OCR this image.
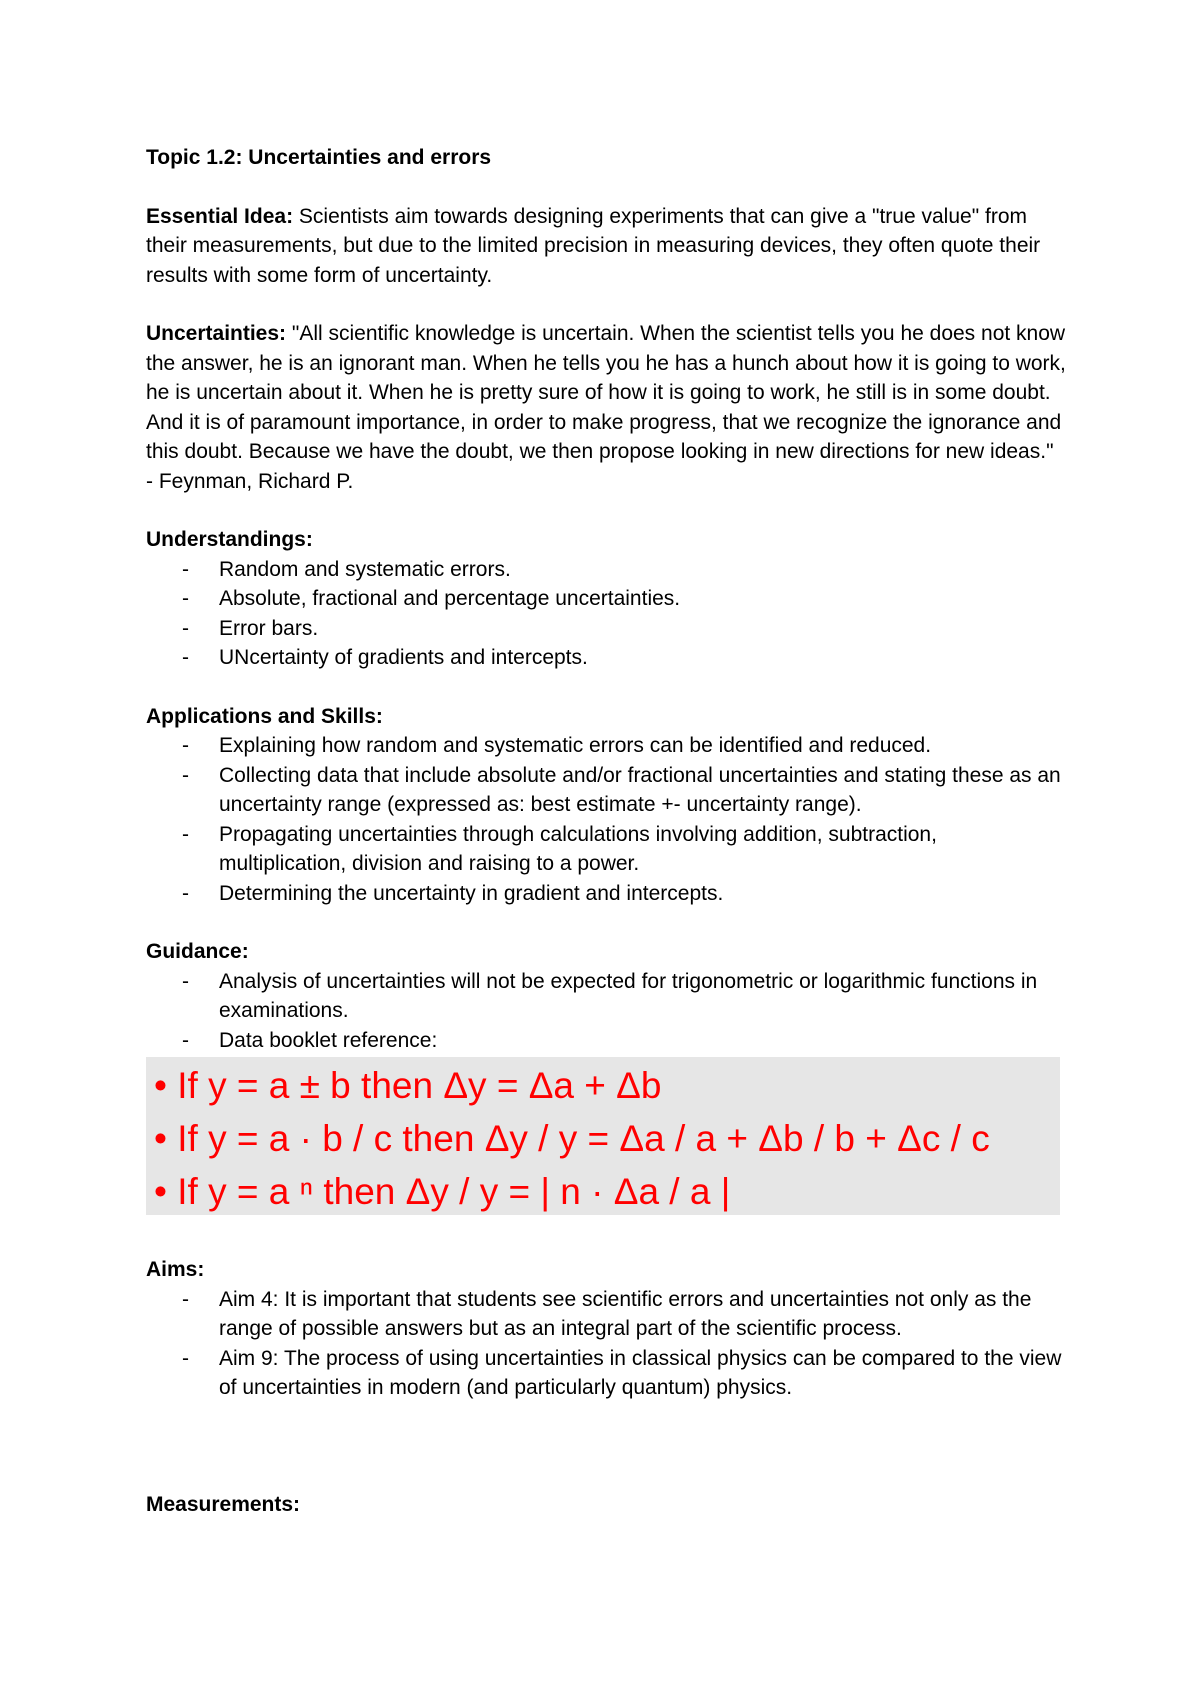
Topic 1.2: Uncertainties and errors
Essential Idea: Scientists aim towards designing experiments that can give a "true value" from their measurements, but due to the limited precision in measuring devices, they often quote their results with some form of uncertainty.
Uncertainties: "All scientific knowledge is uncertain. When the scientist tells you he does not know the answer, he is an ignorant man. When he tells you he has a hunch about how it is going to work, he is uncertain about it. When he is pretty sure of how it is going to work, he still is in some doubt. And it is of paramount importance, in order to make progress, that we recognize the ignorance and this doubt. Because we have the doubt, we then propose looking in new directions for new ideas." - Feynman, Richard P.
Understandings:
- Random and systematic errors.
- Absolute, fractional and percentage uncertainties.
- Error bars.
- UNcertainty of gradients and intercepts.
Applications and Skills:
- Explaining how random and systematic errors can be identified and reduced.
- Collecting data that include absolute and/or fractional uncertainties and stating these as an uncertainty range (expressed as: best estimate +- uncertainty range).
- Propagating uncertainties through calculations involving addition, subtraction, multiplication, division and raising to a power.
- Determining the uncertainty in gradient and intercepts.
Guidance:
- Analysis of uncertainties will not be expected for trigonometric or logarithmic functions in examinations.
- Data booklet reference:
• If y = a ± b then Δy = Δa + Δb
• If y = a · b / c then Δy / y = Δa / a + Δb / b + Δc / c
• If y = a ⁿ then Δy / y = | n · Δa / a |
Aims:
- Aim 4: It is important that students see scientific errors and uncertainties not only as the range of possible answers but as an integral part of the scientific process.
- Aim 9: The process of using uncertainties in classical physics can be compared to the view of uncertainties in modern (and particularly quantum) physics.
Measurements:
